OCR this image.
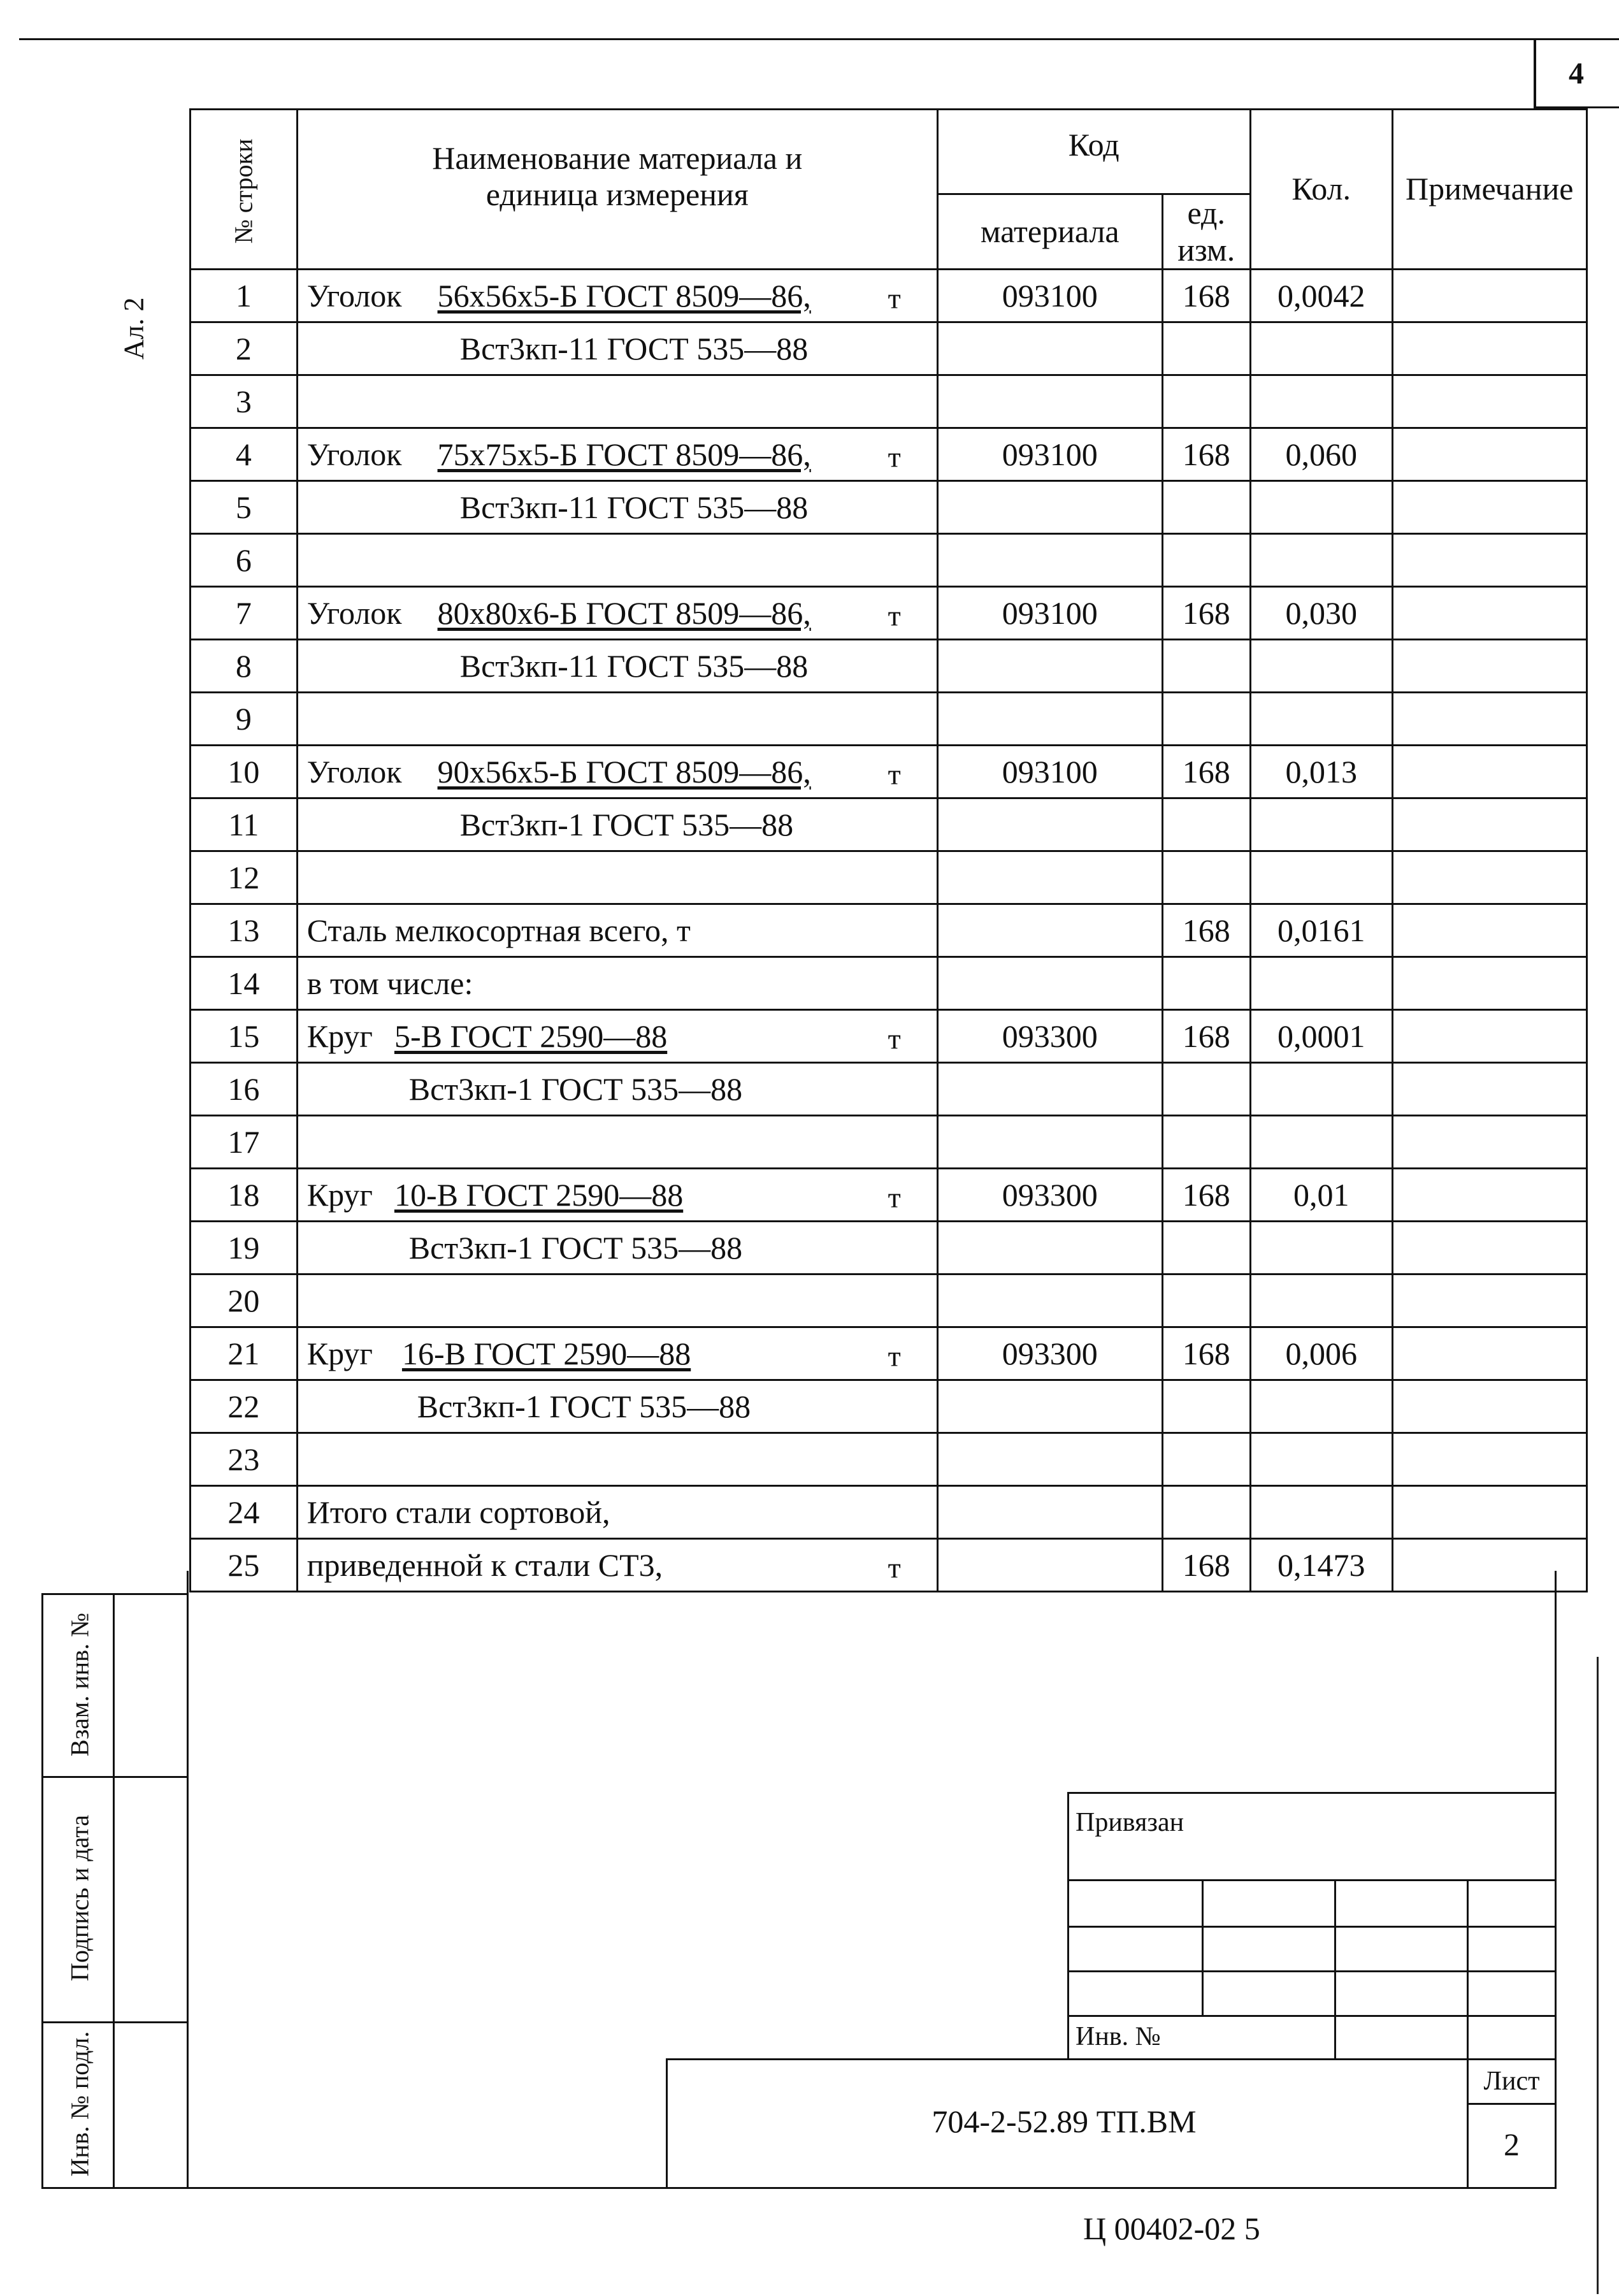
4
Ал. 2
№ строки	Наименование материала и единица измерения	Код		Кол.	Примечание
		материала	ед. изм.		
1	Уголок 56х56х5-Б ГОСТ 8509—86, т	093100	168	0,0042	
2	Вст3кп-11 ГОСТ 535—88				
3					
4	Уголок 75х75х5-Б ГОСТ 8509—86, т	093100	168	0,060	
5	Вст3кп-11 ГОСТ 535—88				
6					
7	Уголок 80х80х6-Б ГОСТ 8509—86, т	093100	168	0,030	
8	Вст3кп-11 ГОСТ 535—88				
9					
10	Уголок 90х56х5-Б ГОСТ 8509—86, т	093100	168	0,013	
11	Вст3кп-1 ГОСТ 535—88				
12					
13	Сталь мелкосортная всего, т		168	0,0161	
14	в том числе:				
15	Круг 5-В ГОСТ 2590—88 т	093300	168	0,0001	
16	Вст3кп-1 ГОСТ 535—88				
17					
18	Круг 10-В ГОСТ 2590—88 т	093300	168	0,01	
19	Вст3кп-1 ГОСТ 535—88				
20					
21	Круг 16-В ГОСТ 2590—88 т	093300	168	0,006	
22	Вст3кп-1 ГОСТ 535—88				
23					
24	Итого стали сортовой,				
25	приведенной к стали СТ3, т		168	0,1473	
Взам. инв. №
Подпись и дата
Инв. № подл.
Привязан
Инв. №
704-2-52.89 ТП.ВМ
Лист
2
Ц 00402-02 5
